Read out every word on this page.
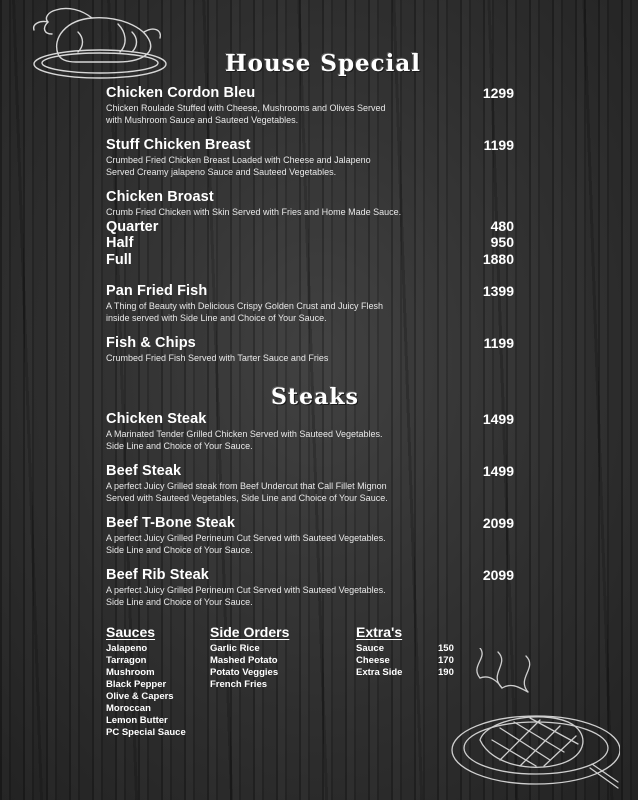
House Special
Chicken Cordon Bleu
Chicken Roulade Stuffed with Cheese, Mushrooms and Olives Served
with Mushroom Sauce and Sauteed Vegetables.
1299
Stuff Chicken Breast
Crumbed Fried Chicken Breast Loaded with Cheese and Jalapeno
Served Creamy jalapeno Sauce and Sauteed Vegetables.
1199
Chicken Broast
Crumb Fried Chicken with Skin Served with Fries and Home Made Sauce.
Quarter	480
Half	950
Full	1880
Pan Fried Fish
A Thing of Beauty with Delicious Crispy Golden Crust and Juicy Flesh
inside served with Side Line and Choice of Your Sauce.
1399
Fish & Chips
Crumbed Fried Fish Served with Tarter Sauce and Fries
1199
Steaks
Chicken Steak
A Marinated Tender Grilled Chicken Served with Sauteed Vegetables.
Side Line and Choice of Your Sauce.
1499
Beef Steak
A perfect Juicy Grilled steak from Beef Undercut that Call Fillet Mignon
Served with Sauteed Vegetables, Side Line and Choice of Your Sauce.
1499
Beef T-Bone Steak
A perfect Juicy Grilled Perineum Cut Served with Sauteed Vegetables.
Side Line and Choice of Your Sauce.
2099
Beef Rib Steak
A perfect Juicy Grilled Perineum Cut Served with Sauteed Vegetables.
Side Line and Choice of Your Sauce.
2099
Sauces
Jalapeno
Tarragon
Mushroom
Black Pepper
Olive & Capers
Moroccan
Lemon Butter
PC Special Sauce
Side Orders
Garlic Rice
Mashed Potato
Potato Veggies
French Fries
Extra's
Sauce	150
Cheese	170
Extra Side	190
